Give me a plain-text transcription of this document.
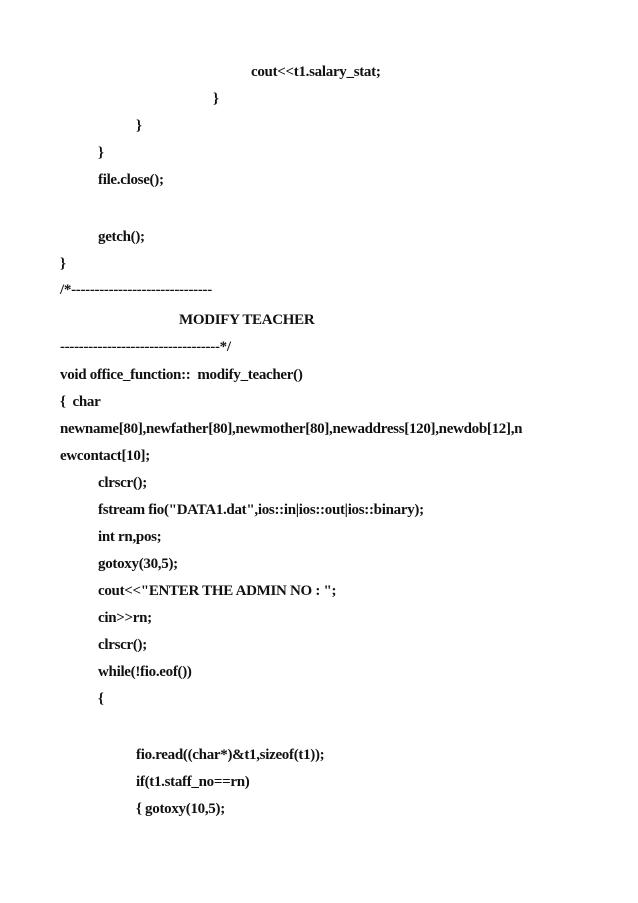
cout<<t1.salary_stat;

}

}

}

file.close();

getch();

}

/*------------------------------

MODIFY TEACHER

----------------------------------*/

void office_function::  modify_teacher()

{  char

newname[80],newfather[80],newmother[80],newaddress[120],newdob[12],n

ewcontact[10];

clrscr();

fstream fio("DATA1.dat",ios::in|ios::out|ios::binary);

int rn,pos;

gotoxy(30,5);

cout<<"ENTER THE ADMIN NO : ";

cin>>rn;

clrscr();

while(!fio.eof())

{

fio.read((char*)&t1,sizeof(t1));

if(t1.staff_no==rn)

{ gotoxy(10,5);
